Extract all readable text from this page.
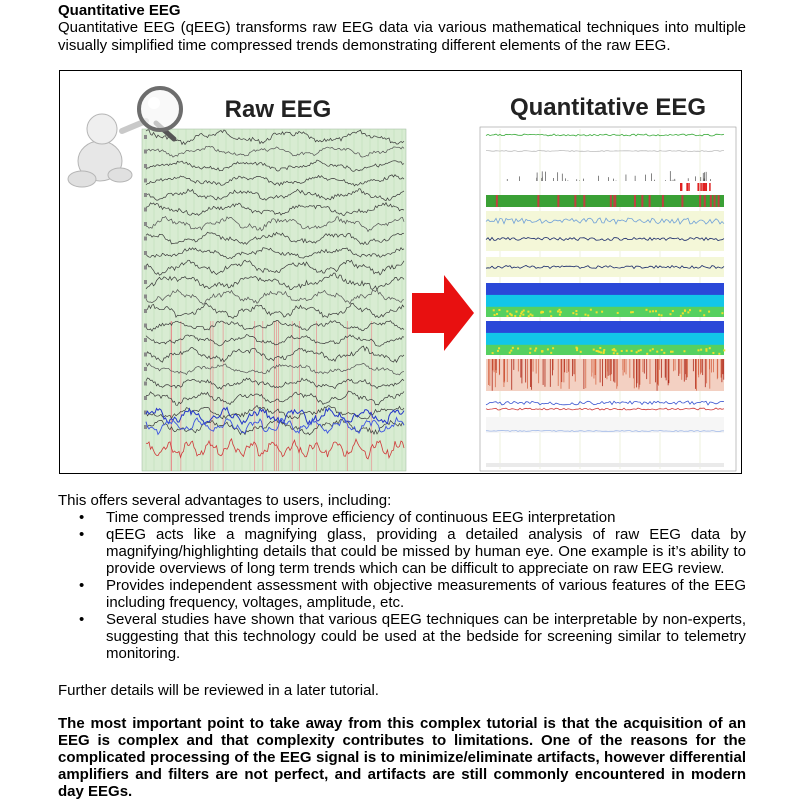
Quantitative EEG
Quantitative EEG (qEEG) transforms raw EEG data via various mathematical techniques into multiple visually simplified time compressed trends demonstrating different elements of the raw EEG.
Raw EEG	Quantitative EEG
This offers several advantages to users, including:
• Time compressed trends improve efficiency of continuous EEG interpretation
• qEEG acts like a magnifying glass, providing a detailed analysis of raw EEG data by magnifying/highlighting details that could be missed by human eye. One example is it’s ability to provide overviews of long term trends which can be difficult to appreciate on raw EEG review.
• Provides independent assessment with objective measurements of various features of the EEG including frequency, voltages, amplitude, etc.
• Several studies have shown that various qEEG techniques can be interpretable by non-experts, suggesting that this technology could be used at the bedside for screening similar to telemetry monitoring.
Further details will be reviewed in a later tutorial.
The most important point to take away from this complex tutorial is that the acquisition of an EEG is complex and that complexity contributes to limitations. One of the reasons for the complicated processing of the EEG signal is to minimize/eliminate artifacts, however differential amplifiers and filters are not perfect, and artifacts are still commonly encountered in modern day EEGs.
